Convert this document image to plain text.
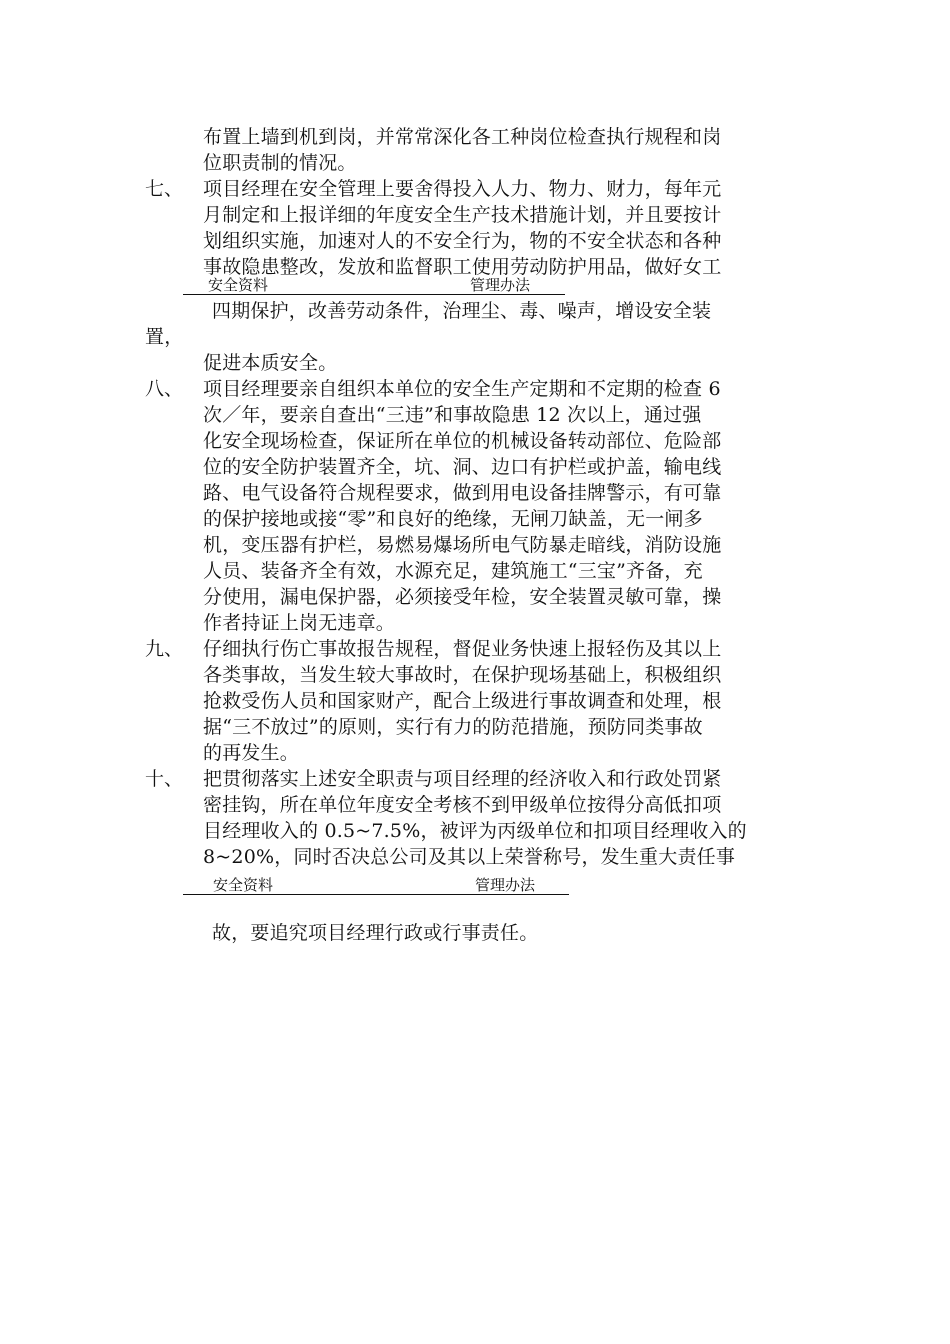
布置上墙到机到岗，并常常深化各工种岗位检查执行规程和岗
位职责制的情况。
七、 项目经理在安全管理上要舍得投入人力、物力、财力，每年元
月制定和上报详细的年度安全生产技术措施计划，并且要按计
划组织实施，加速对人的不安全行为，物的不安全状态和各种
事故隐患整改，发放和监督职工使用劳动防护用品，做好女工
安全资料	管理办法
四期保护，改善劳动条件，治理尘、毒、噪声，增设安全装
置，
促进本质安全。
八、 项目经理要亲自组织本单位的安全生产定期和不定期的检查 6
次／年，要亲自查出“三违”和事故隐患 12 次以上，通过强
化安全现场检查，保证所在单位的机械设备转动部位、危险部
位的安全防护装置齐全，坑、洞、边口有护栏或护盖，输电线
路、电气设备符合规程要求，做到用电设备挂牌警示，有可靠
的保护接地或接“零”和良好的绝缘，无闸刀缺盖，无一闸多
机，变压器有护栏，易燃易爆场所电气防暴走暗线，消防设施
人员、装备齐全有效，水源充足，建筑施工“三宝”齐备，充
分使用，漏电保护器，必须接受年检，安全装置灵敏可靠，操
作者持证上岗无违章。
九、 仔细执行伤亡事故报告规程，督促业务快速上报轻伤及其以上
各类事故，当发生较大事故时，在保护现场基础上，积极组织
抢救受伤人员和国家财产，配合上级进行事故调查和处理，根
据“三不放过”的原则，实行有力的防范措施，预防同类事故
的再发生。
十、 把贯彻落实上述安全职责与项目经理的经济收入和行政处罚紧
密挂钩，所在单位年度安全考核不到甲级单位按得分高低扣项
目经理收入的 0.5~7.5%，被评为丙级单位和扣项目经理收入的
8~20%，同时否决总公司及其以上荣誉称号，发生重大责任事
安全资料	管理办法
故，要追究项目经理行政或行事责任。
